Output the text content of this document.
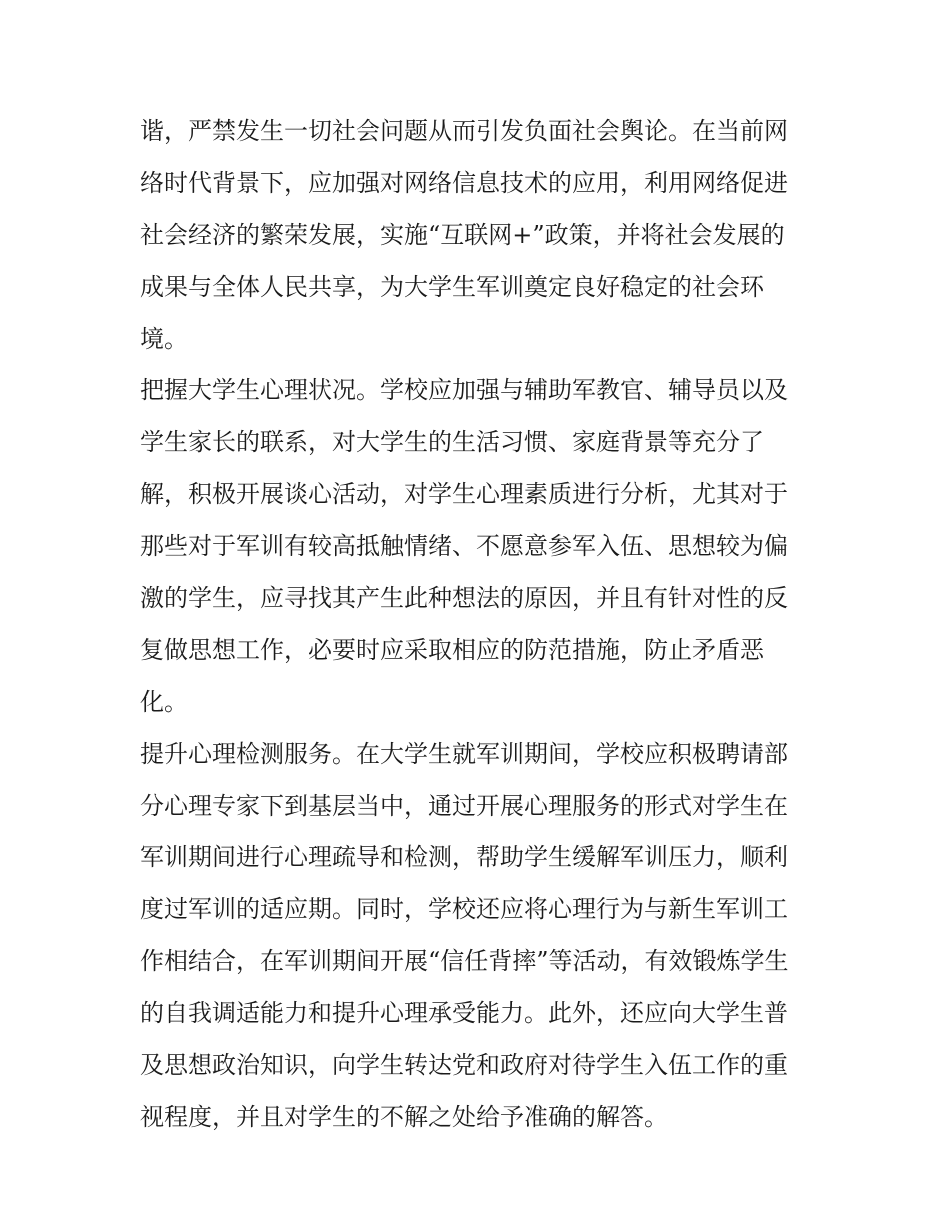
谐，严禁发生一切社会问题从而引发负面社会舆论。在当前网
络时代背景下，应加强对网络信息技术的应用，利用网络促进
社会经济的繁荣发展，实施“互联网+”政策，并将社会发展的
成果与全体人民共享，为大学生军训奠定良好稳定的社会环
境。
把握大学生心理状况。学校应加强与辅助军教官、辅导员以及
学生家长的联系，对大学生的生活习惯、家庭背景等充分了
解，积极开展谈心活动，对学生心理素质进行分析，尤其对于
那些对于军训有较高抵触情绪、不愿意参军入伍、思想较为偏
激的学生，应寻找其产生此种想法的原因，并且有针对性的反
复做思想工作，必要时应采取相应的防范措施，防止矛盾恶
化。
提升心理检测服务。在大学生就军训期间，学校应积极聘请部
分心理专家下到基层当中，通过开展心理服务的形式对学生在
军训期间进行心理疏导和检测，帮助学生缓解军训压力，顺利
度过军训的适应期。同时，学校还应将心理行为与新生军训工
作相结合，在军训期间开展“信任背摔”等活动，有效锻炼学生
的自我调适能力和提升心理承受能力。此外，还应向大学生普
及思想政治知识，向学生转达党和政府对待学生入伍工作的重
视程度，并且对学生的不解之处给予准确的解答。
